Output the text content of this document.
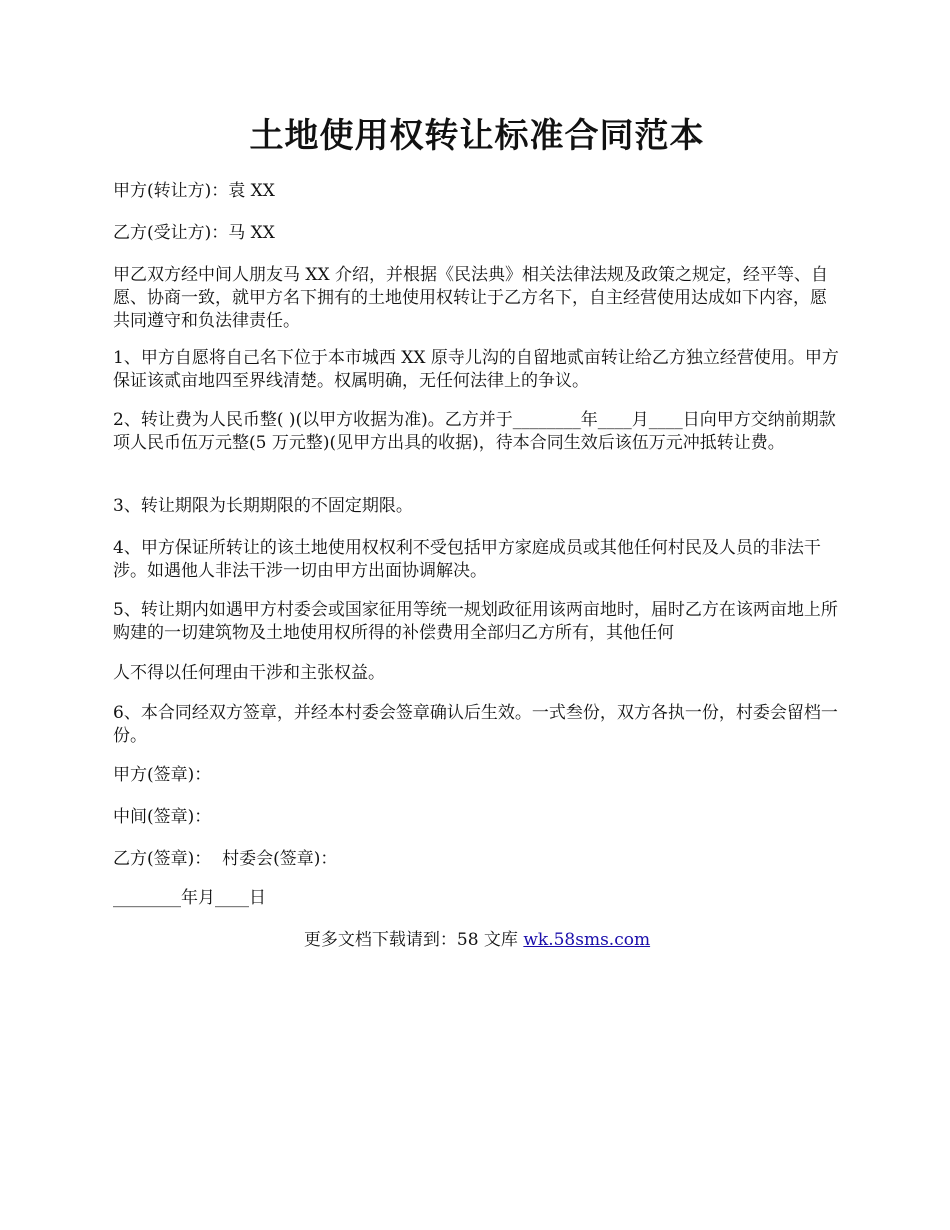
土地使用权转让标准合同范本

甲方(转让方)：袁 XX

乙方(受让方)：马 XX

甲乙双方经中间人朋友马 XX 介绍，并根据《民法典》相关法律法规及政策之规定，经平等、自愿、协商一致，就甲方名下拥有的土地使用权转让于乙方名下，自主经营使用达成如下内容，愿共同遵守和负法律责任。

1、甲方自愿将自己名下位于本市城西 XX 原寺儿沟的自留地贰亩转让给乙方独立经营使用。甲方保证该贰亩地四至界线清楚。权属明确，无任何法律上的争议。

2、转让费为人民币整( )(以甲方收据为准)。乙方并于________年____月____日向甲方交纳前期款项人民币伍万元整(5 万元整)(见甲方出具的收据)，待本合同生效后该伍万元冲抵转让费。

3、转让期限为长期期限的不固定期限。

4、甲方保证所转让的该土地使用权权利不受包括甲方家庭成员或其他任何村民及人员的非法干涉。如遇他人非法干涉一切由甲方出面协调解决。

5、转让期内如遇甲方村委会或国家征用等统一规划政征用该两亩地时，届时乙方在该两亩地上所购建的一切建筑物及土地使用权所得的补偿费用全部归乙方所有，其他任何

人不得以任何理由干涉和主张权益。

6、本合同经双方签章，并经本村委会签章确认后生效。一式叁份，双方各执一份，村委会留档一份。

甲方(签章)：

中间(签章)：

乙方(签章)：  村委会(签章)：

________年月____日

更多文档下载请到：58 文库 wk.58sms.com
